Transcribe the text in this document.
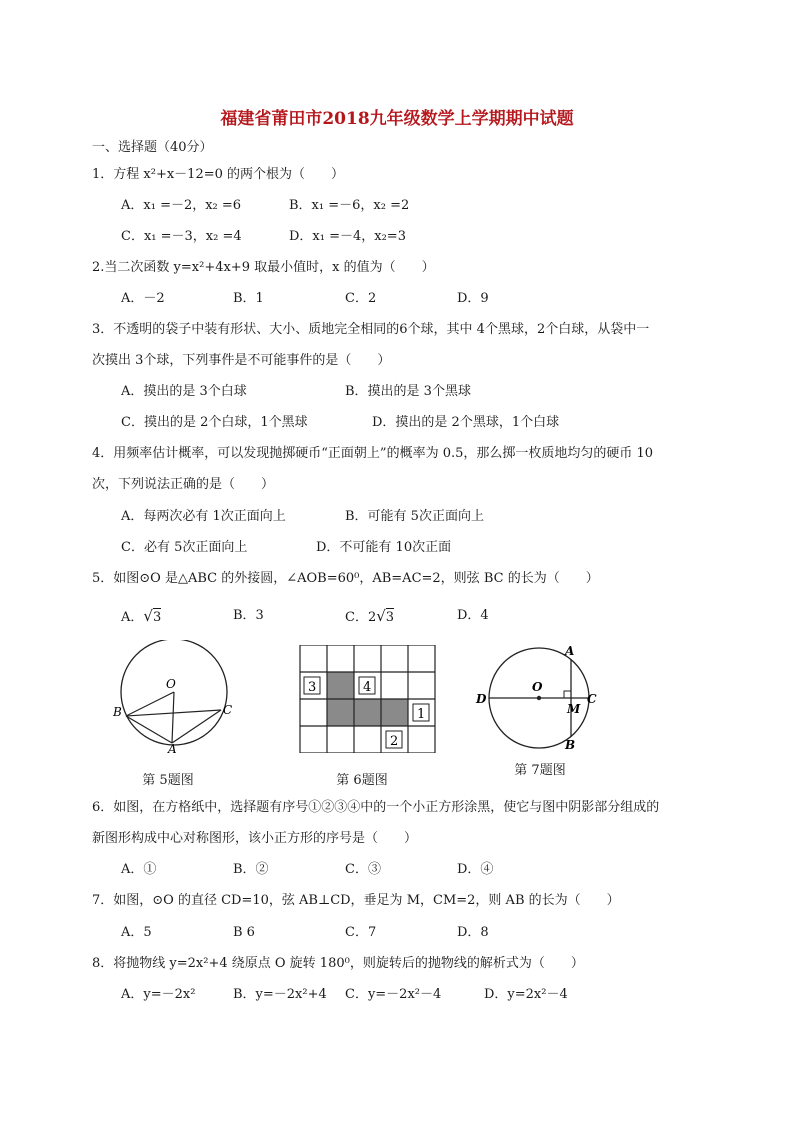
福建省莆田市2018九年级数学上学期期中试题
一、选择题（40分）
1．方程 x²+x－12=0 的两个根为（　　）
A．x₁ =－2，x₂ =6	B．x₁ =－6，x₂ =2
C．x₁ =－3，x₂ =4	D．x₁ =－4，x₂=3
2.当二次函数 y=x²+4x+9 取最小值时，x 的值为（　　）
A．－2	B．1	C．2	D．9
3．不透明的袋子中装有形状、大小、质地完全相同的6个球，其中 4个黑球，2个白球，从袋中一
次摸出 3个球，下列事件是不可能事件的是（　　）
A．摸出的是 3个白球	B．摸出的是 3个黑球
C．摸出的是 2个白球，1个黑球	D．摸出的是 2个黑球，1个白球
4．用频率估计概率，可以发现抛掷硬币“正面朝上”的概率为 0.5，那么掷一枚质地均匀的硬币 10
次，下列说法正确的是（　　）
A．每两次必有 1次正面向上	B．可能有 5次正面向上
C．必有 5次正面向上	D．不可能有 10次正面
5．如图⊙O 是△ABC 的外接圆，∠AOB=60⁰，AB=AC=2，则弦 BC 的长为（　　）
A．√3	B．3	C．2√3	D．4
O
B	C
A
第 5题图
3	4
1
2
第 6题图
D
O
C
M
A
B
第 7题图
6．如图，在方格纸中，选择题有序号①②③④中的一个小正方形涂黑，使它与图中阴影部分组成的
新图形构成中心对称图形，该小正方形的序号是（　　）
A．①	B．②	C．③	D．④
7．如图，⊙O 的直径 CD=10，弦 AB⊥CD，垂足为 M，CM=2，则 AB 的长为（　　）
A．5	B 6	C．7	D．8
8．将抛物线 y=2x²+4 绕原点 O 旋转 180⁰，则旋转后的抛物线的解析式为（　　）
A．y=－2x²	B．y=－2x²+4 C．y=－2x²－4	D．y=2x²－4
